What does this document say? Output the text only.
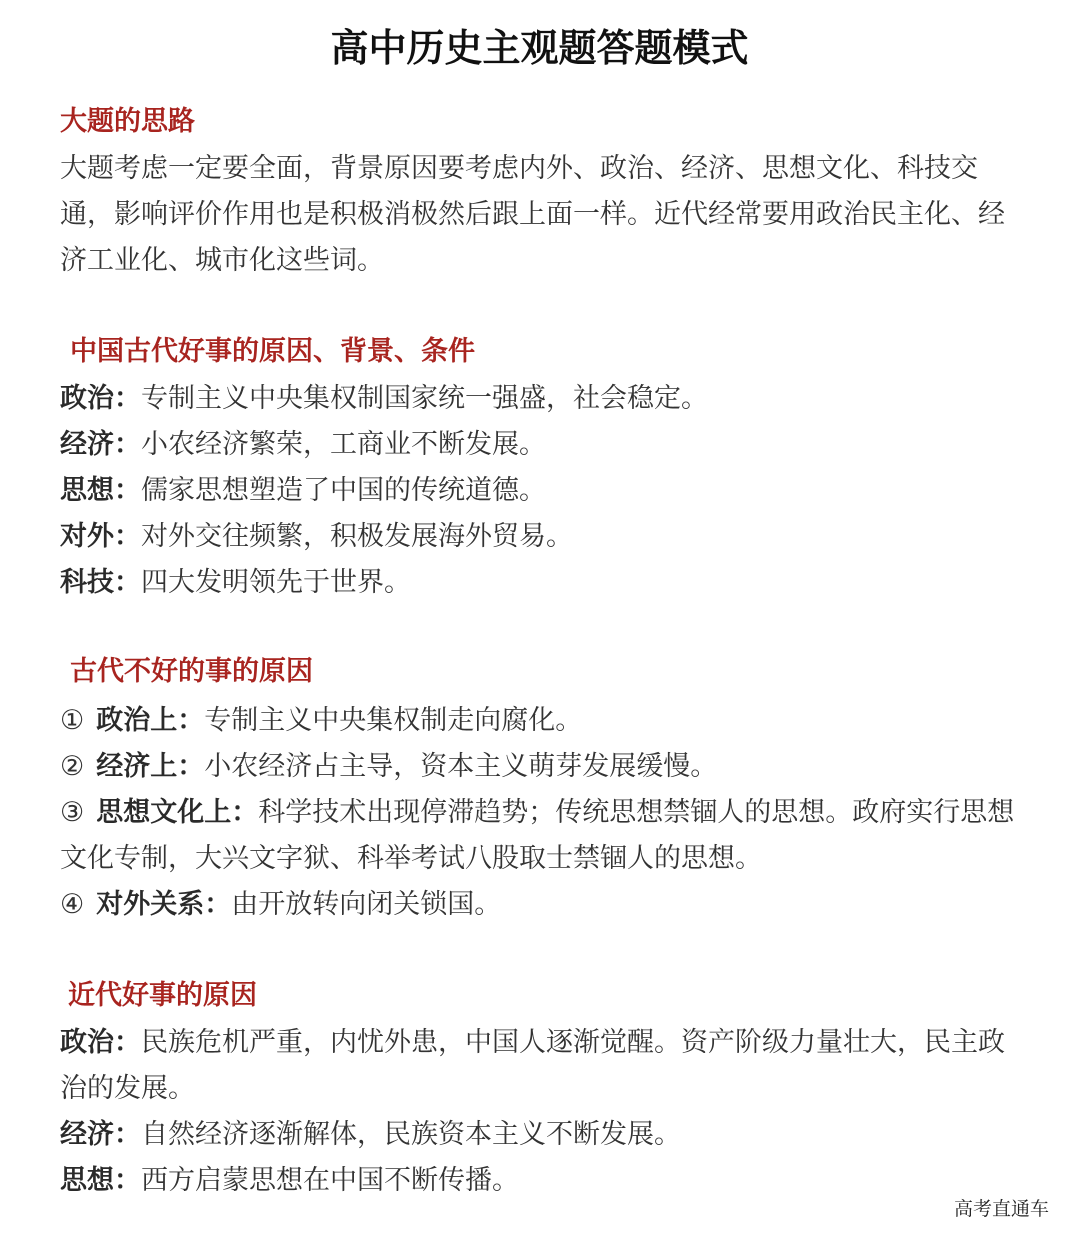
高中历史主观题答题模式
大题的思路
大题考虑一定要全面，背景原因要考虑内外、政治、经济、思想文化、科技交通，影响评价作用也是积极消极然后跟上面一样。近代经常要用政治民主化、经济工业化、城市化这些词。
中国古代好事的原因、背景、条件
政治：专制主义中央集权制国家统一强盛，社会稳定。
经济：小农经济繁荣，工商业不断发展。
思想：儒家思想塑造了中国的传统道德。
对外：对外交往频繁，积极发展海外贸易。
科技：四大发明领先于世界。
古代不好的事的原因
① 政治上：专制主义中央集权制走向腐化。
② 经济上：小农经济占主导，资本主义萌芽发展缓慢。
③ 思想文化上：科学技术出现停滞趋势；传统思想禁锢人的思想。政府实行思想文化专制，大兴文字狱、科举考试八股取士禁锢人的思想。
④ 对外关系：由开放转向闭关锁国。
近代好事的原因
政治：民族危机严重，内忧外患，中国人逐渐觉醒。资产阶级力量壮大，民主政治的发展。
经济：自然经济逐渐解体，民族资本主义不断发展。
思想：西方启蒙思想在中国不断传播。
高考直通车
